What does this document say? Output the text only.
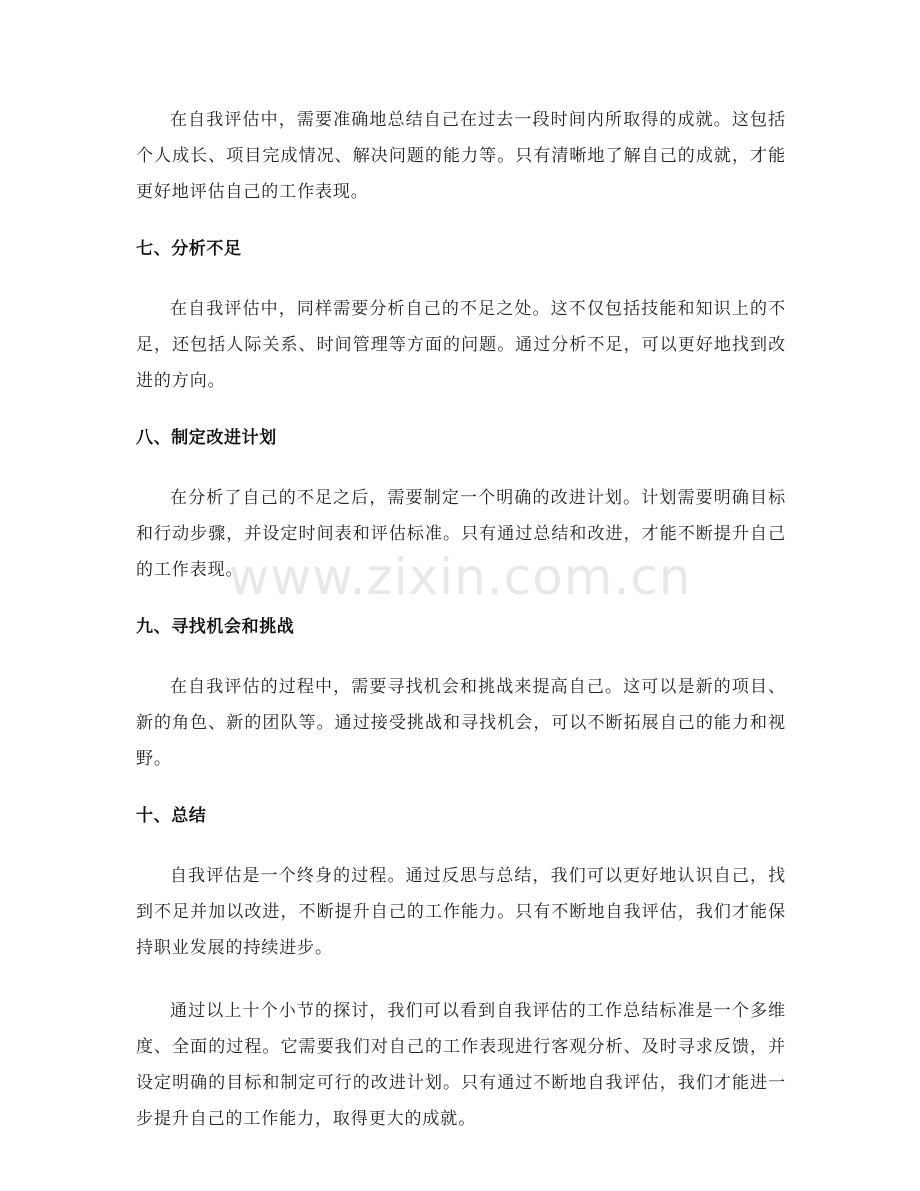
在自我评估中，需要准确地总结自己在过去一段时间内所取得的成就。这包括个人成长、项目完成情况、解决问题的能力等。只有清晰地了解自己的成就，才能更好地评估自己的工作表现。

七、分析不足

在自我评估中，同样需要分析自己的不足之处。这不仅包括技能和知识上的不足，还包括人际关系、时间管理等方面的问题。通过分析不足，可以更好地找到改进的方向。

八、制定改进计划

在分析了自己的不足之后，需要制定一个明确的改进计划。计划需要明确目标和行动步骤，并设定时间表和评估标准。只有通过总结和改进，才能不断提升自己的工作表现。

九、寻找机会和挑战

在自我评估的过程中，需要寻找机会和挑战来提高自己。这可以是新的项目、新的角色、新的团队等。通过接受挑战和寻找机会，可以不断拓展自己的能力和视野。

十、总结

自我评估是一个终身的过程。通过反思与总结，我们可以更好地认识自己，找到不足并加以改进，不断提升自己的工作能力。只有不断地自我评估，我们才能保持职业发展的持续进步。

通过以上十个小节的探讨，我们可以看到自我评估的工作总结标准是一个多维度、全面的过程。它需要我们对自己的工作表现进行客观分析、及时寻求反馈，并设定明确的目标和制定可行的改进计划。只有通过不断地自我评估，我们才能进一步提升自己的工作能力，取得更大的成就。

www.zixin.com.cn
